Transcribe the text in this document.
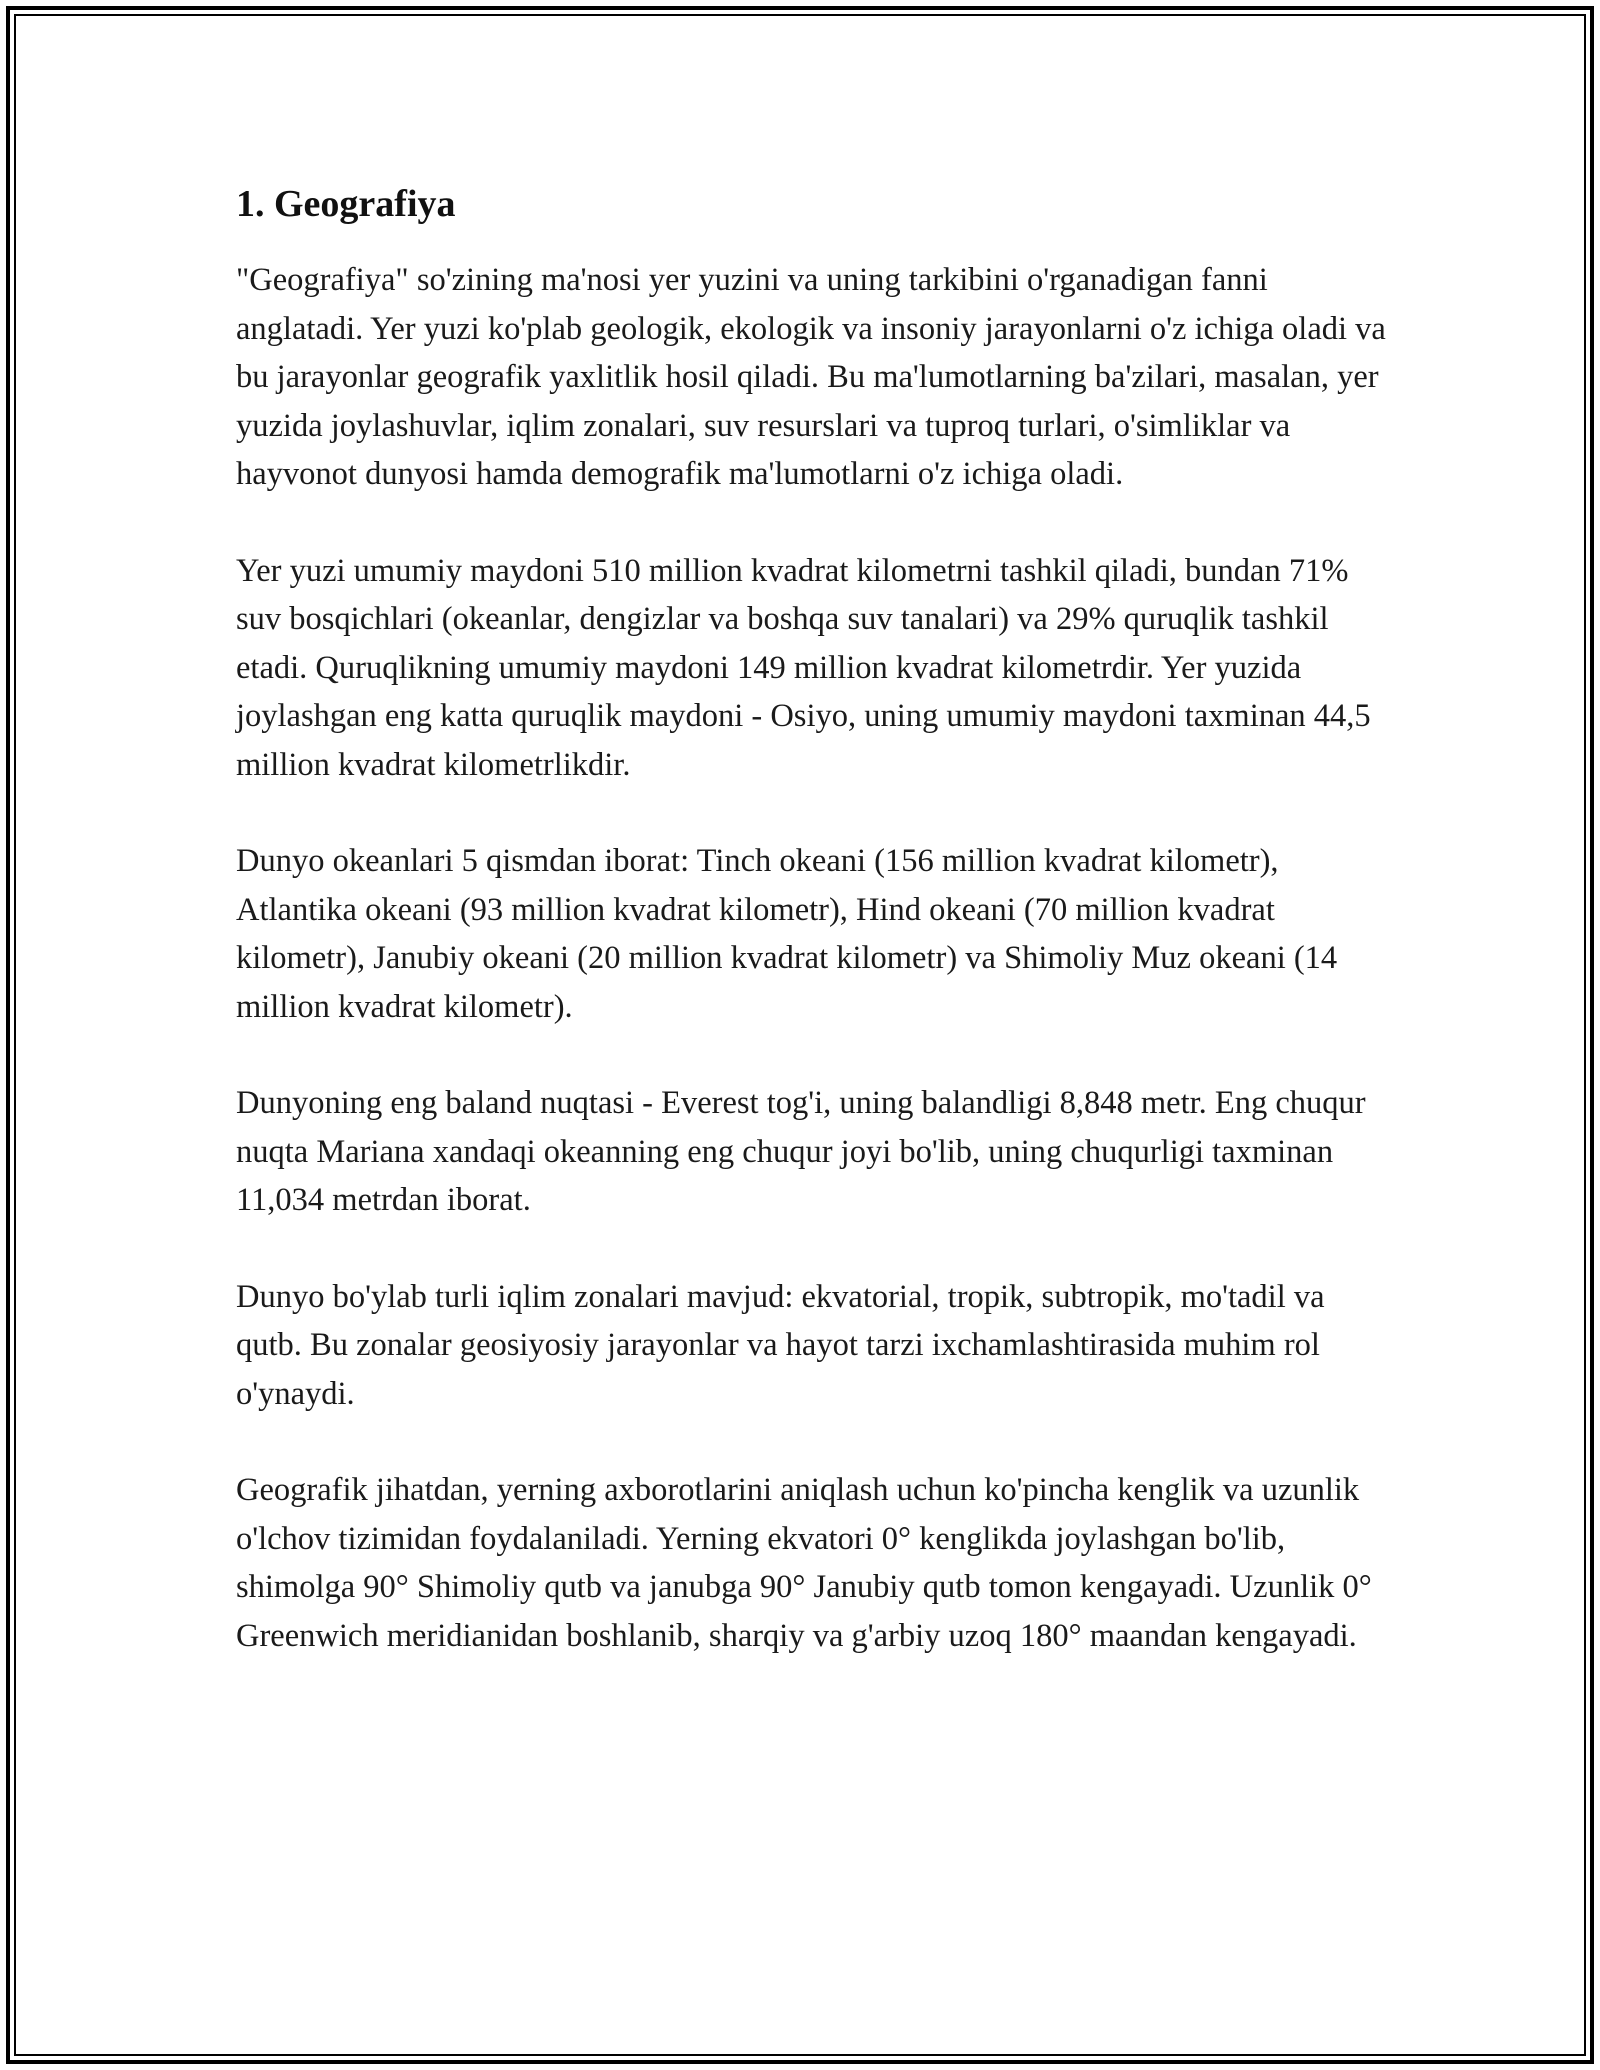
1. Geografiya

"Geografiya" so'zining ma'nosi yer yuzini va uning tarkibini o'rganadigan fanni anglatadi. Yer yuzi ko'plab geologik, ekologik va insoniy jarayonlarni o'z ichiga oladi va bu jarayonlar geografik yaxlitlik hosil qiladi. Bu ma'lumotlarning ba'zilari, masalan, yer yuzida joylashuvlar, iqlim zonalari, suv resurslari va tuproq turlari, o'simliklar va hayvonot dunyosi hamda demografik ma'lumotlarni o'z ichiga oladi.

Yer yuzi umumiy maydoni 510 million kvadrat kilometrni tashkil qiladi, bundan 71% suv bosqichlari (okeanlar, dengizlar va boshqa suv tanalari) va 29% quruqlik tashkil etadi. Quruqlikning umumiy maydoni 149 million kvadrat kilometrdir. Yer yuzida joylashgan eng katta quruqlik maydoni - Osiyo, uning umumiy maydoni taxminan 44,5 million kvadrat kilometrlikdir.

Dunyo okeanlari 5 qismdan iborat: Tinch okeani (156 million kvadrat kilometr), Atlantika okeani (93 million kvadrat kilometr), Hind okeani (70 million kvadrat kilometr), Janubiy okeani (20 million kvadrat kilometr) va Shimoliy Muz okeani (14 million kvadrat kilometr).

Dunyoning eng baland nuqtasi - Everest tog'i, uning balandligi 8,848 metr. Eng chuqur nuqta Mariana xandaqi okeanning eng chuqur joyi bo'lib, uning chuqurligi taxminan 11,034 metrdan iborat.

Dunyo bo'ylab turli iqlim zonalari mavjud: ekvatorial, tropik, subtropik, mo'tadil va qutb. Bu zonalar geosiyosiy jarayonlar va hayot tarzi ixchamlashtirasida muhim rol o'ynaydi.

Geografik jihatdan, yerning axborotlarini aniqlash uchun ko'pincha kenglik va uzunlik o'lchov tizimidan foydalaniladi. Yerning ekvatori 0° kenglikda joylashgan bo'lib, shimolga 90° Shimoliy qutb va janubga 90° Janubiy qutb tomon kengayadi. Uzunlik 0° Greenwich meridianidan boshlanib, sharqiy va g'arbiy uzoq 180° maandan kengayadi.
